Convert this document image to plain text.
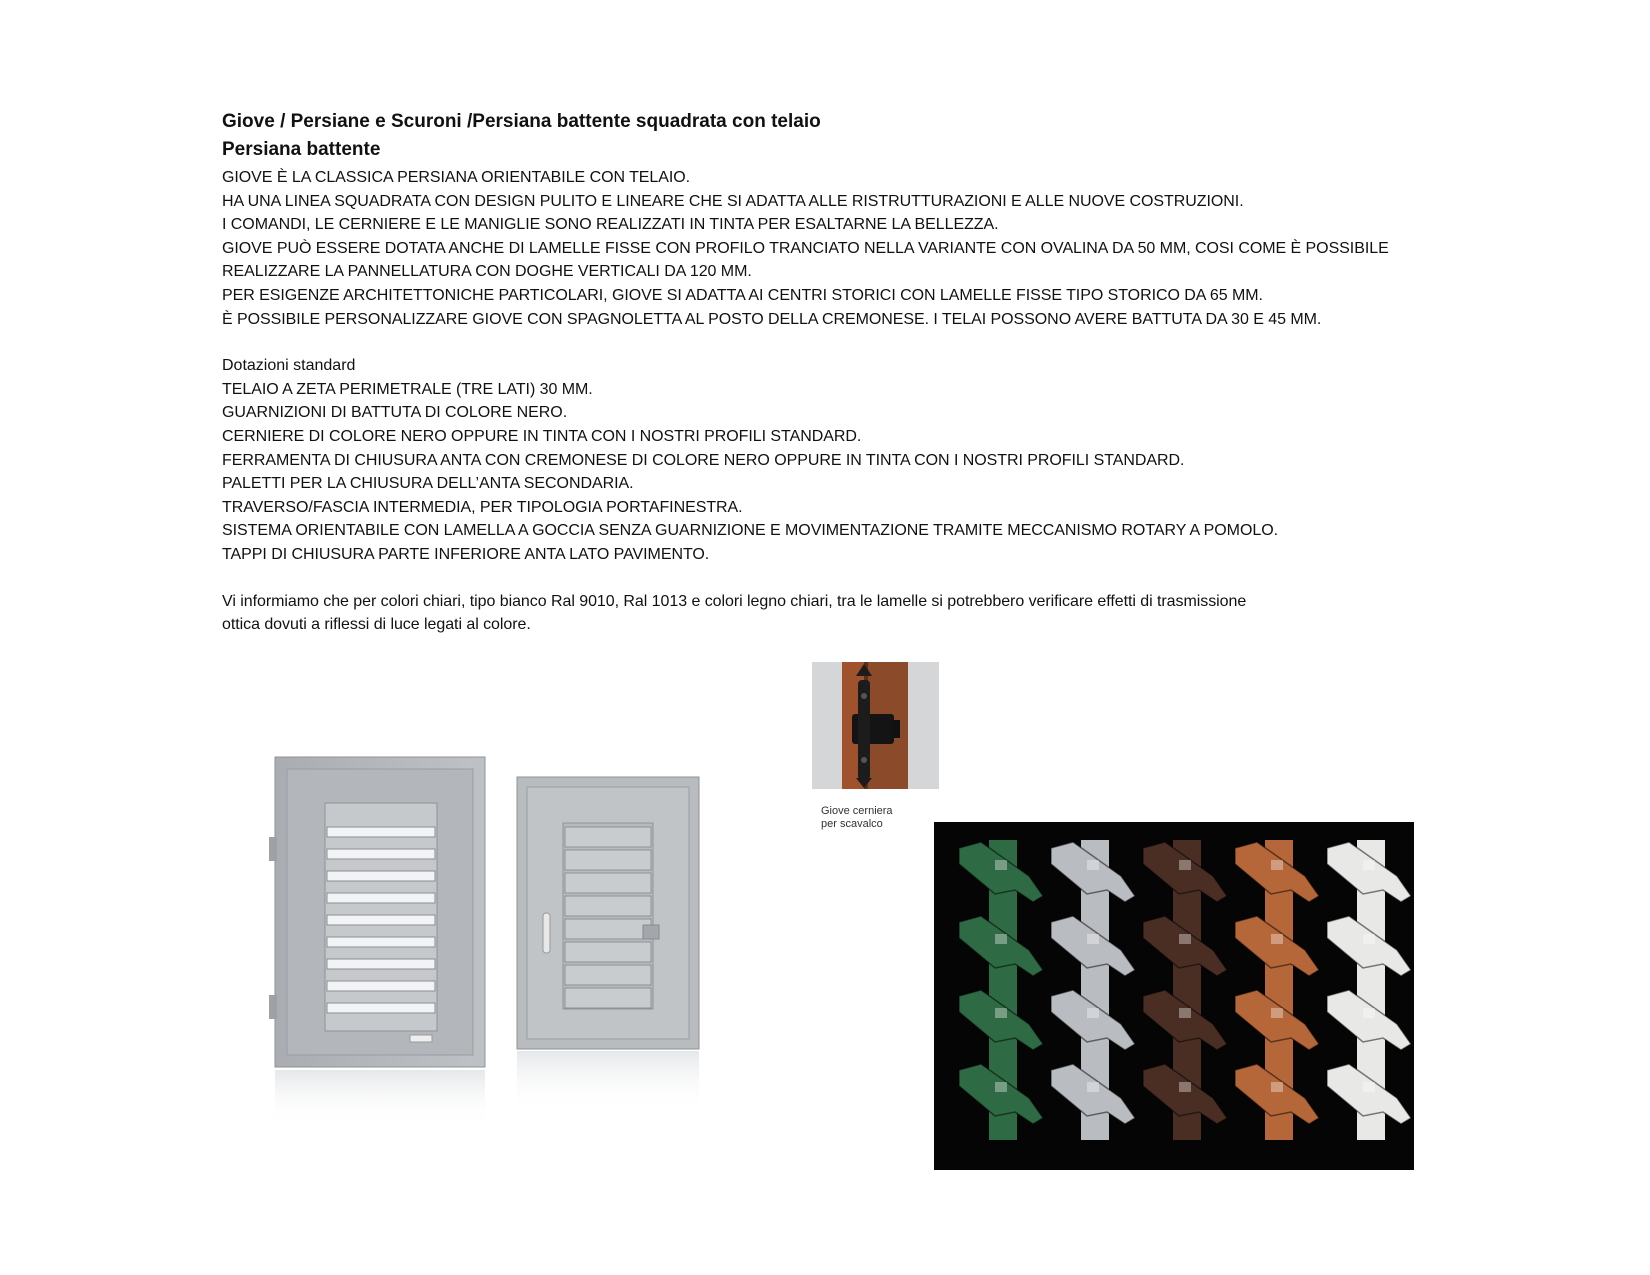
Giove / Persiane e Scuroni /Persiana battente squadrata con telaio

Persiana battente

GIOVE È LA CLASSICA PERSIANA ORIENTABILE CON TELAIO.

HA UNA LINEA SQUADRATA CON DESIGN PULITO E LINEARE CHE SI ADATTA ALLE RISTRUTTURAZIONI E ALLE NUOVE COSTRUZIONI.

I COMANDI, LE CERNIERE E LE MANIGLIE SONO REALIZZATI IN TINTA PER ESALTARNE LA BELLEZZA.

GIOVE PUÒ ESSERE DOTATA ANCHE DI LAMELLE FISSE CON PROFILO TRANCIATO NELLA VARIANTE CON OVALINA DA 50 MM, COSI COME È POSSIBILE

REALIZZARE LA PANNELLATURA CON DOGHE VERTICALI DA 120 MM.

PER ESIGENZE ARCHITETTONICHE PARTICOLARI, GIOVE SI ADATTA AI CENTRI STORICI CON LAMELLE FISSE TIPO STORICO DA 65 MM.

È POSSIBILE PERSONALIZZARE GIOVE CON SPAGNOLETTA AL POSTO DELLA CREMONESE. I TELAI POSSONO AVERE BATTUTA DA 30 E 45 MM.

Dotazioni standard

TELAIO A ZETA PERIMETRALE (TRE LATI) 30 MM.

GUARNIZIONI DI BATTUTA DI COLORE NERO.

CERNIERE DI COLORE NERO OPPURE IN TINTA CON I NOSTRI PROFILI STANDARD.

FERRAMENTA DI CHIUSURA ANTA CON CREMONESE DI COLORE NERO OPPURE IN TINTA CON I NOSTRI PROFILI STANDARD.

PALETTI PER LA CHIUSURA DELL’ANTA SECONDARIA.

TRAVERSO/FASCIA INTERMEDIA, PER TIPOLOGIA PORTAFINESTRA.

SISTEMA ORIENTABILE CON LAMELLA A GOCCIA SENZA GUARNIZIONE E MOVIMENTAZIONE TRAMITE MECCANISMO ROTARY A POMOLO.

TAPPI DI CHIUSURA PARTE INFERIORE ANTA LATO PAVIMENTO.

Vi informiamo che per colori chiari, tipo bianco Ral 9010, Ral 1013 e colori legno chiari, tra le lamelle si potrebbero verificare effetti di trasmissione

ottica dovuti a riflessi di luce legati al colore.

Giove cerniera
per scavalco
